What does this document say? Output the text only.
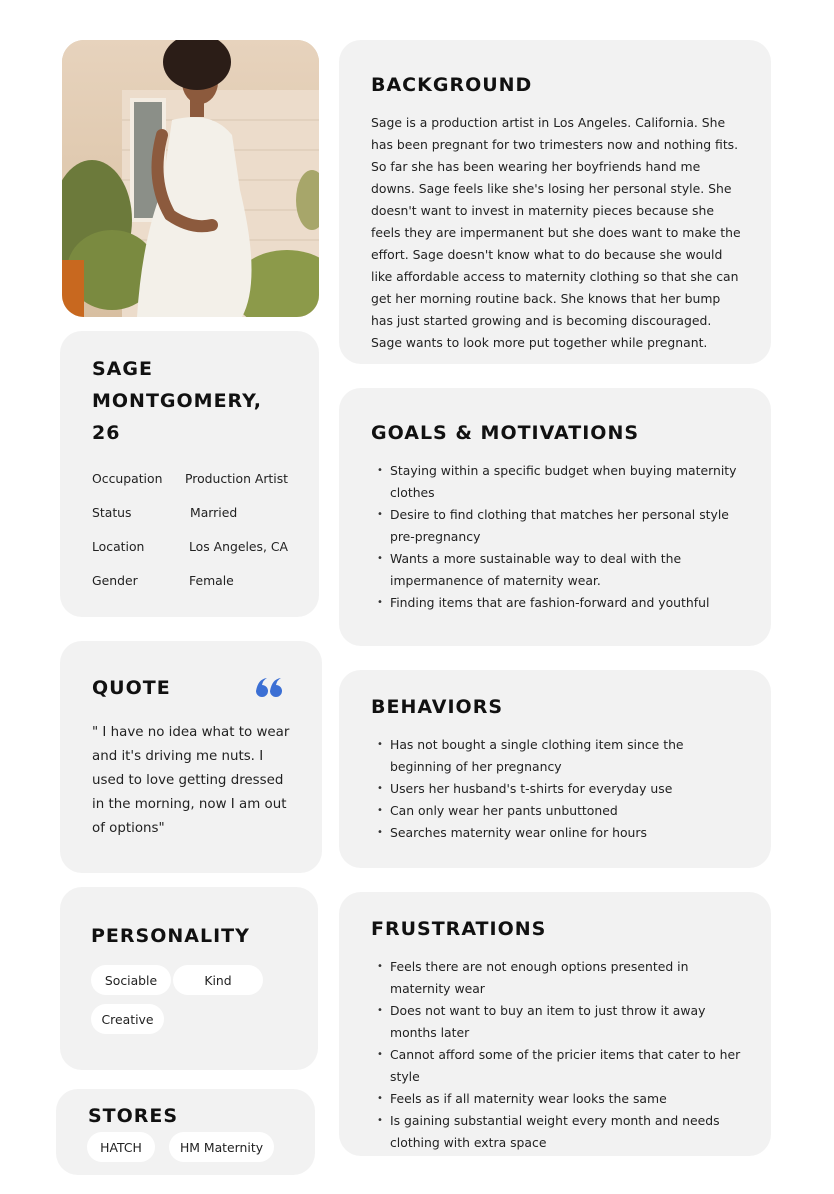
SAGE
MONTGOMERY,
26
Occupation	Production Artist
Status	Married
Location	Los Angeles, CA
Gender	Female
QUOTE
" I have no idea what to wear and it's driving me nuts. I used to love getting dressed in the morning, now I am out of options"
PERSONALITY
Sociable	Kind
Creative
STORES
HATCH	HM Maternity
BACKGROUND
Sage is a production artist in Los Angeles. California. She has been pregnant for two trimesters now and nothing fits. So far she has been wearing her boyfriends hand me downs. Sage feels like she's losing her personal style. She doesn't want to invest in maternity pieces because she feels they are impermanent but she does want to make the effort. Sage doesn't know what to do because she would like affordable access to maternity clothing so that she can get her morning routine back. She knows that her bump has just started growing and is becoming discouraged. Sage wants to look more put together while pregnant.
GOALS & MOTIVATIONS
• Staying within a specific budget when buying maternity clothes
• Desire to find clothing that matches her personal style pre-pregnancy
• Wants a more sustainable way to deal with the impermanence of maternity wear.
• Finding items that are fashion-forward and youthful
BEHAVIORS
• Has not bought a single clothing item since the beginning of her pregnancy
• Users her husband's t-shirts for everyday use
• Can only wear her pants unbuttoned
• Searches maternity wear online for hours
FRUSTRATIONS
• Feels there are not enough options presented in maternity wear
• Does not want to buy an item to just throw it away months later
• Cannot afford some of the pricier items that cater to her style
• Feels as if all maternity wear looks the same
• Is gaining substantial weight every month and needs clothing with extra space
